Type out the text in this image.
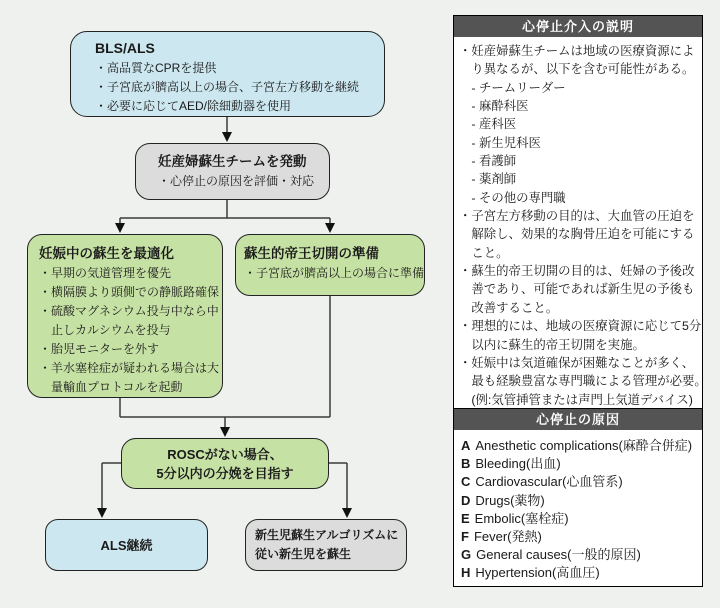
BLS/ALS
・高品質なCPRを提供
・子宮底が臍高以上の場合、子宮左方移動を継続
・必要に応じてAED/除細動器を使用
妊産婦蘇生チームを発動
・心停止の原因を評価・対応
妊娠中の蘇生を最適化
・早期の気道管理を優先
・横隔膜より頭側での静脈路確保
・硫酸マグネシウム投与中なら中
止しカルシウムを投与
・胎児モニターを外す
・羊水塞栓症が疑われる場合は大
量輸血プロトコルを起動
蘇生的帝王切開の準備
・子宮底が臍高以上の場合に準備
ROSCがない場合、
5分以内の分娩を目指す
ALS継続
新生児蘇生アルゴリズムに
従い新生児を蘇生
心停止介入の説明
・妊産婦蘇生チームは地域の医療資源によ
り異なるが、以下を含む可能性がある。
- チームリーダー
- 麻酔科医
- 産科医
- 新生児科医
- 看護師
- 薬剤師
- その他の専門職
・子宮左方移動の目的は、大血管の圧迫を
解除し、効果的な胸骨圧迫を可能にする
こと。
・蘇生的帝王切開の目的は、妊婦の予後改
善であり、可能であれば新生児の予後も
改善すること。
・理想的には、地域の医療資源に応じて5分
以内に蘇生的帝王切開を実施。
・妊娠中は気道確保が困難なことが多く、
最も経験豊富な専門職による管理が必要。
(例:気管挿管または声門上気道デバイス)
心停止の原因
A Anesthetic complications(麻酔合併症)
B Bleeding(出血)
C Cardiovascular(心血管系)
D Drugs(薬物)
E Embolic(塞栓症)
F Fever(発熱)
G General causes(一般的原因)
H Hypertension(高血圧)
